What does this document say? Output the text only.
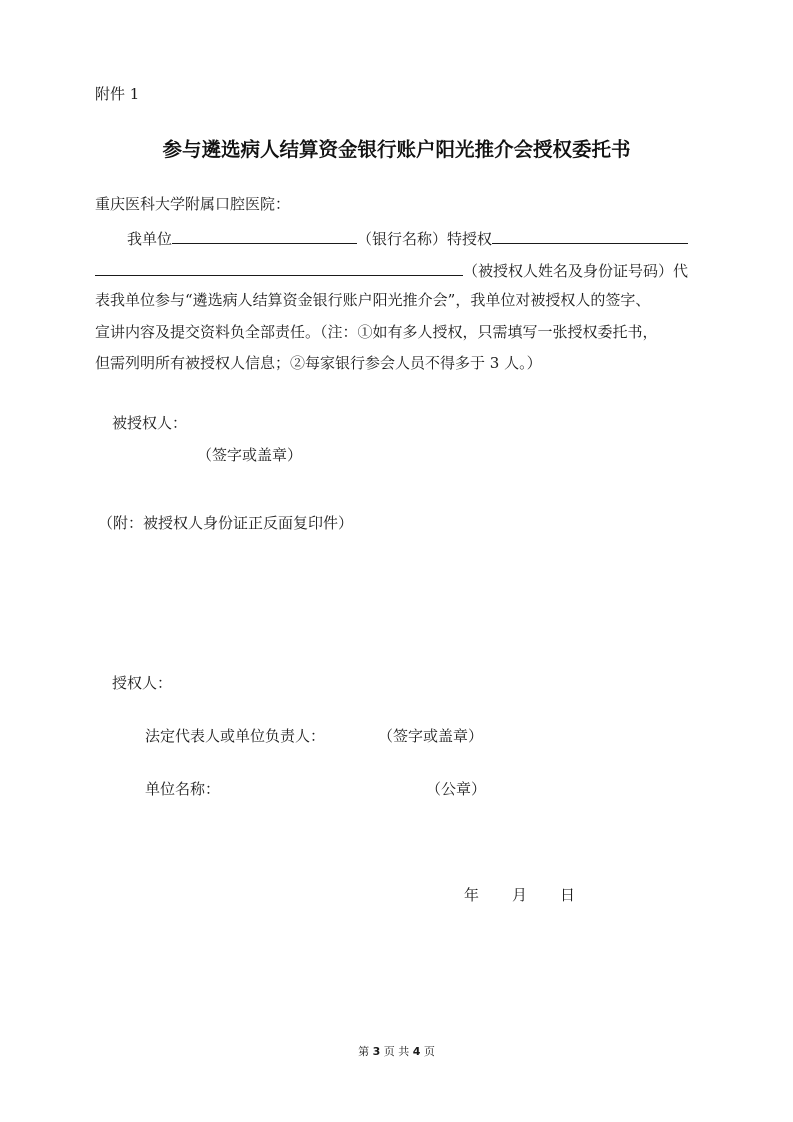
附件 1
参与遴选病人结算资金银行账户阳光推介会授权委托书
重庆医科大学附属口腔医院：
我单位	（银行名称）特授权
（被授权人姓名及身份证号码）代
表我单位参与“遴选病人结算资金银行账户阳光推介会”，我单位对被授权人的签字、
宣讲内容及提交资料负全部责任。（注：①如有多人授权，只需填写一张授权委托书，
但需列明所有被授权人信息；②每家银行参会人员不得多于 3 人。）
被授权人：
（签字或盖章）
（附：被授权人身份证正反面复印件）
授权人：
法定代表人或单位负责人：	（签字或盖章）
单位名称：	（公章）
年 月 日
第 3 页 共 4 页
